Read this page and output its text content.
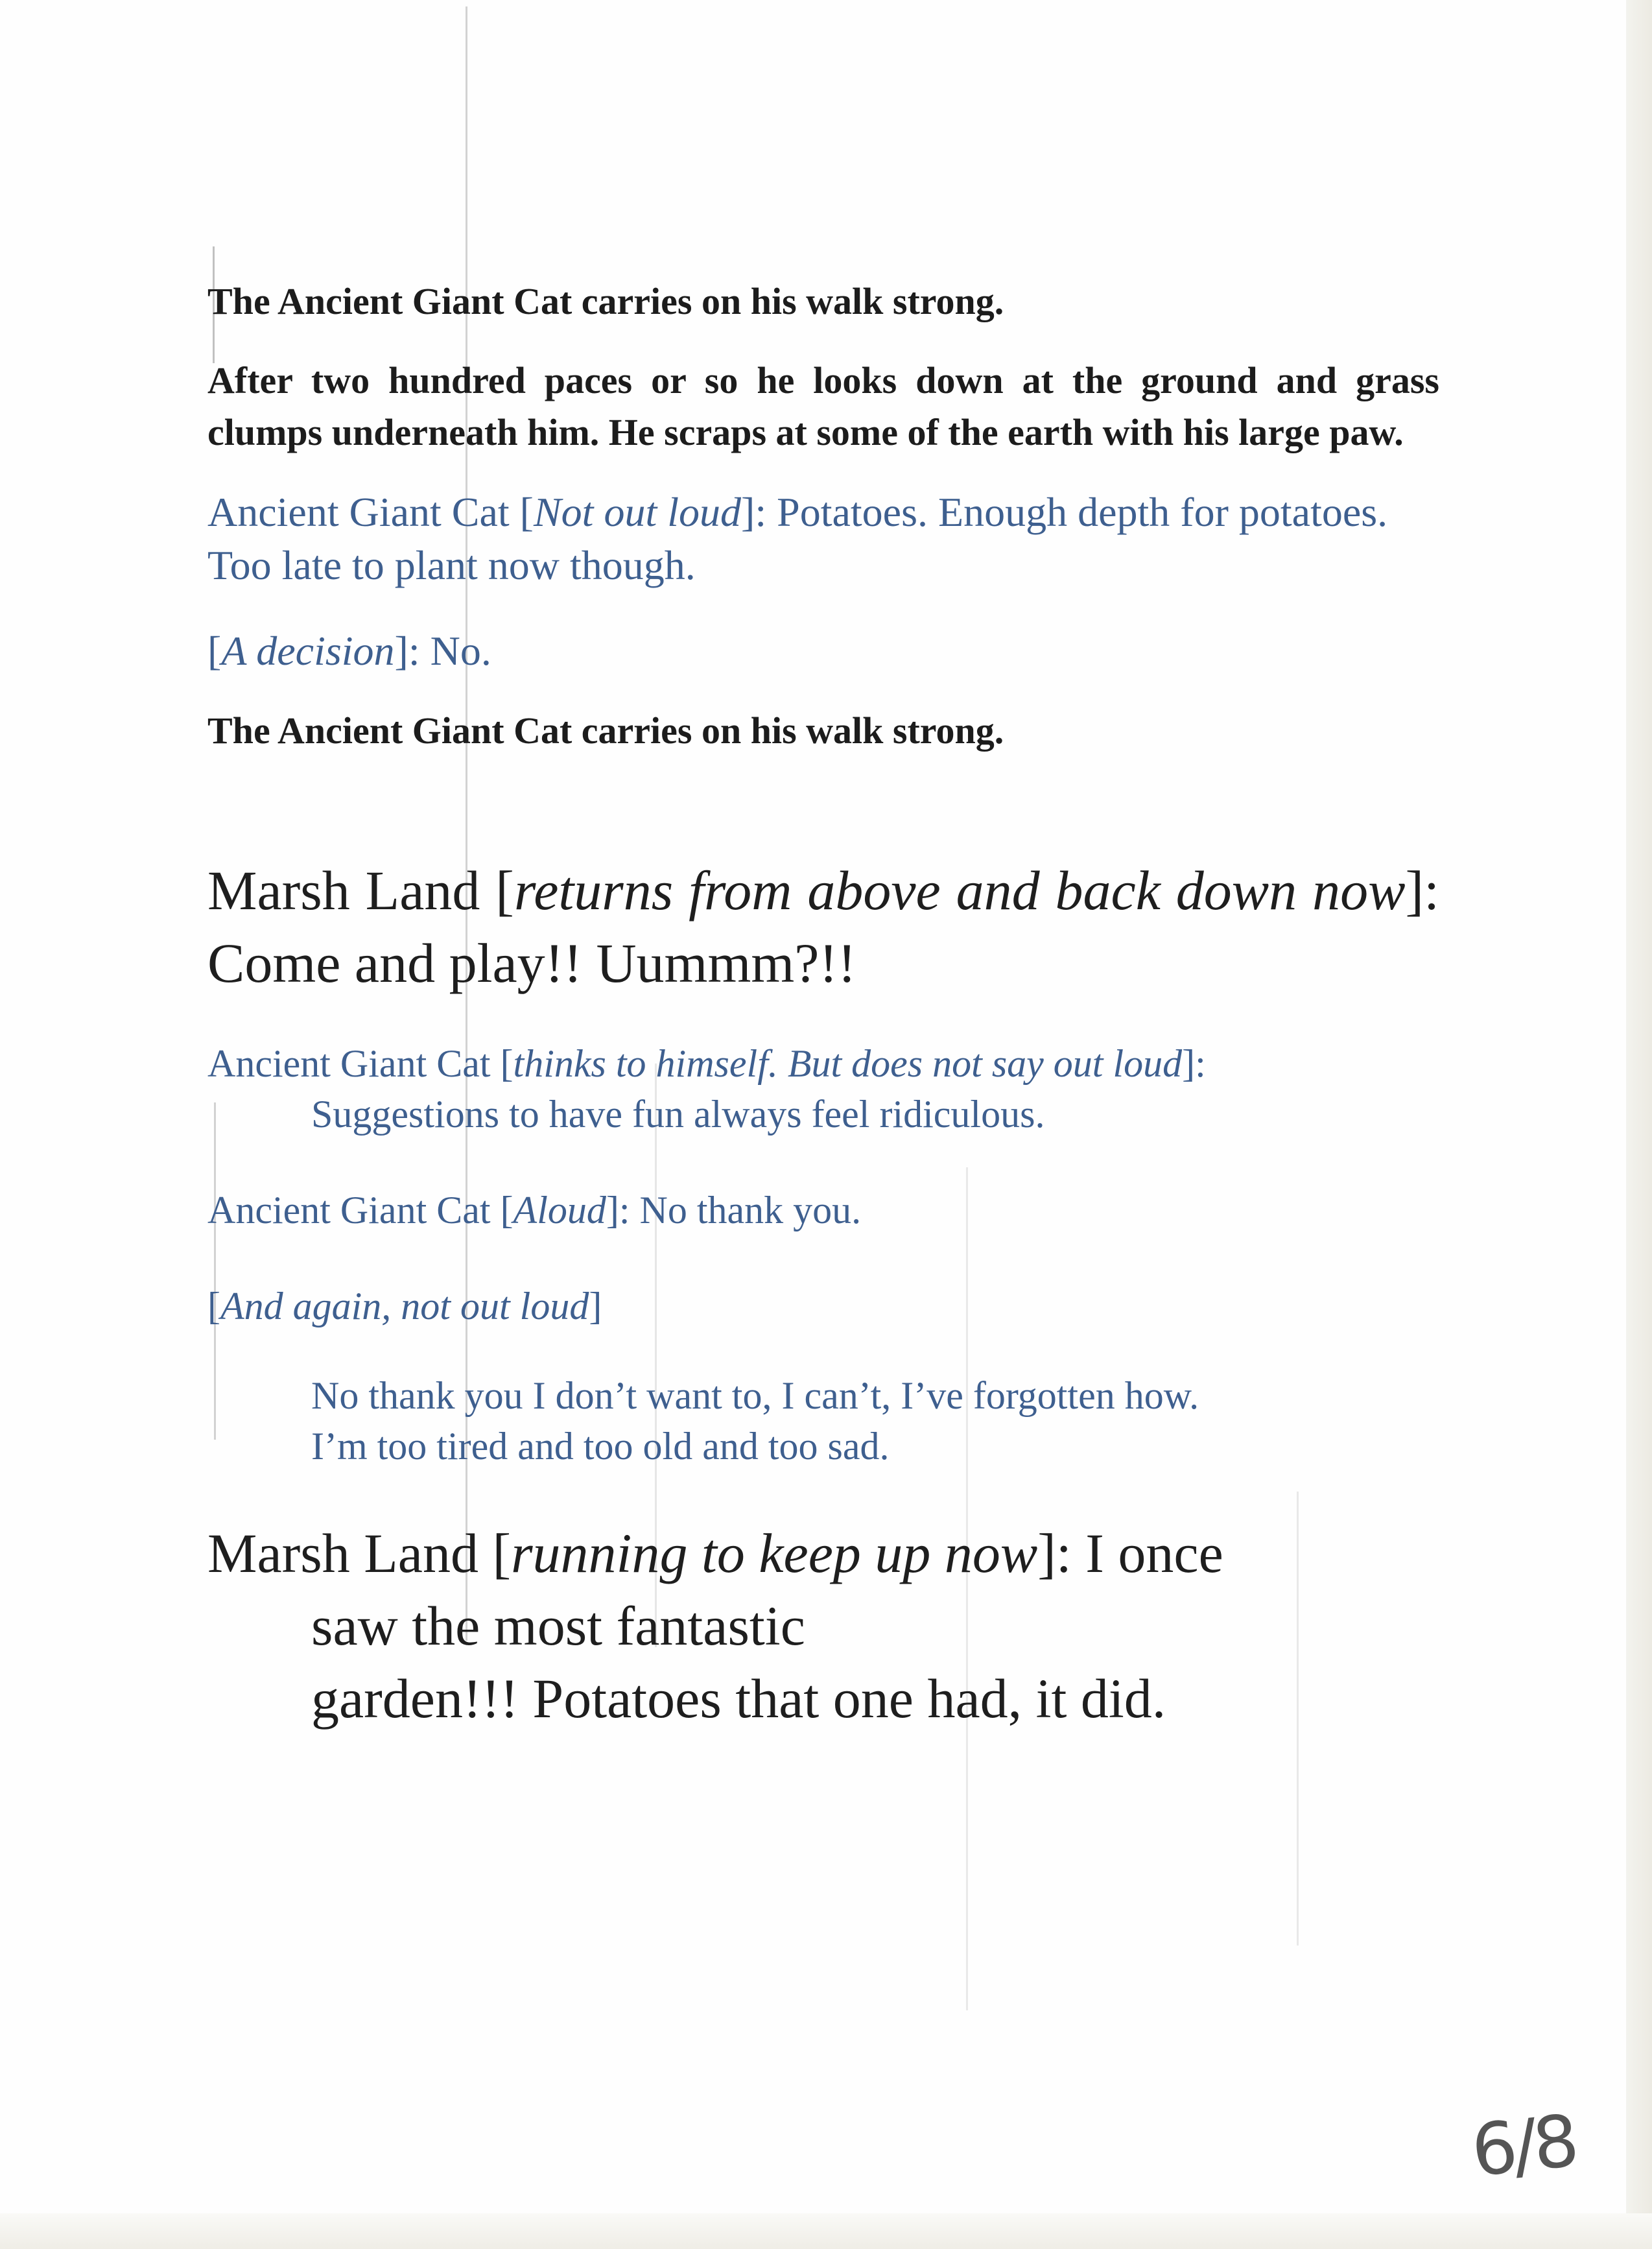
The Ancient Giant Cat carries on his walk strong.

After two hundred paces or so he looks down at the ground and grass clumps underneath him. He scraps at some of the earth with his large paw.

Ancient Giant Cat [Not out loud]: Potatoes. Enough depth for potatoes. Too late to plant now though.

[A decision]: No.

The Ancient Giant Cat carries on his walk strong.

Marsh Land [returns from above and back down now]: Come and play!! Uummm?!!

Ancient Giant Cat [thinks to himself. But does not say out loud]:

Suggestions to have fun always feel ridiculous.

Ancient Giant Cat [Aloud]: No thank you.

[And again, not out loud]

No thank you I don’t want to, I can’t, I’ve forgotten how.

I’m too tired and too old and too sad.

Marsh Land [running to keep up now]: I once

saw the most fantastic

garden!!! Potatoes that one had, it did.

6/8
